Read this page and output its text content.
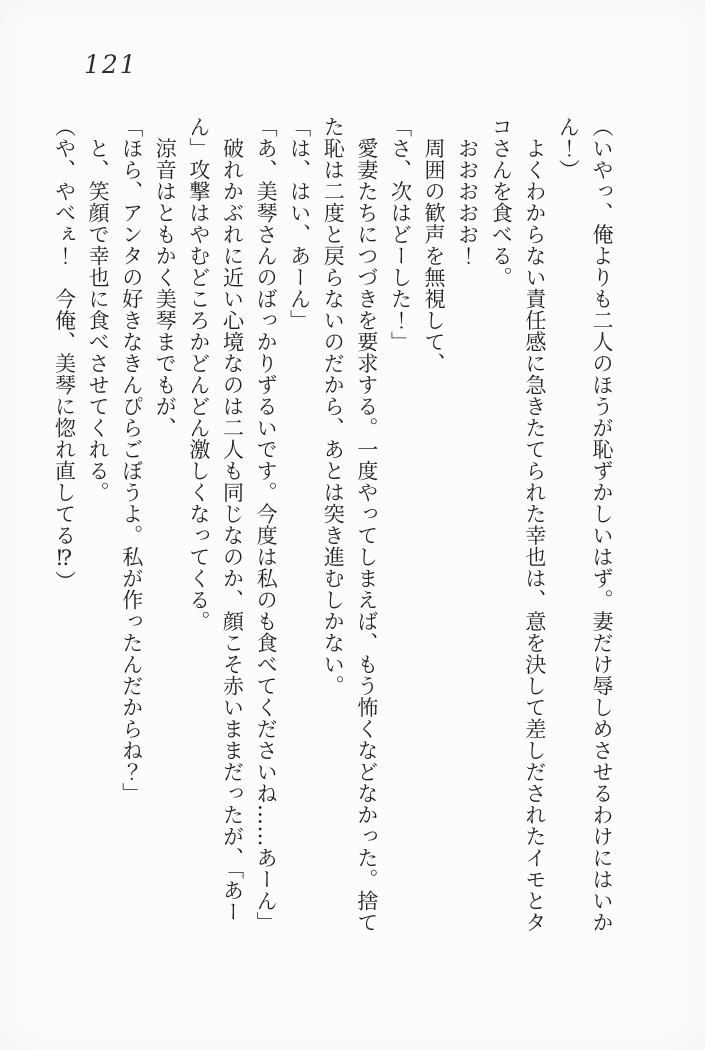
121

（いやっ、俺よりも二人のほうが恥ずかしいはず。妻だけ辱しめさせるわけにはいか

ん！）

　よくわからない責任感に急きたてられた幸也は、意を決して差しだされたイモとタ

コさんを食べる。

　おおおおお！

　周囲の歓声を無視して、

「さ、次はどーした！」

　愛妻たちにつづきを要求する。一度やってしまえば、もう怖くなどなかった。捨て

た恥は二度と戻らないのだから、あとは突き進むしかない。

「は、はい、あーん」

「あ、美琴さんのばっかりずるいです。今度は私のも食べてくださいね……あーん」

　破れかぶれに近い心境なのは二人も同じなのか、顔こそ赤いままだったが、「あー

ん」攻撃はやむどころかどんどん激しくなってくる。

　涼音はともかく美琴までもが、

「ほら、アンタの好きなきんぴらごぼうよ。私が作ったんだからね？」

　と、笑顔で幸也に食べさせてくれる。

（や、やべぇ！　今俺、美琴に惚れ直してる⁉）
